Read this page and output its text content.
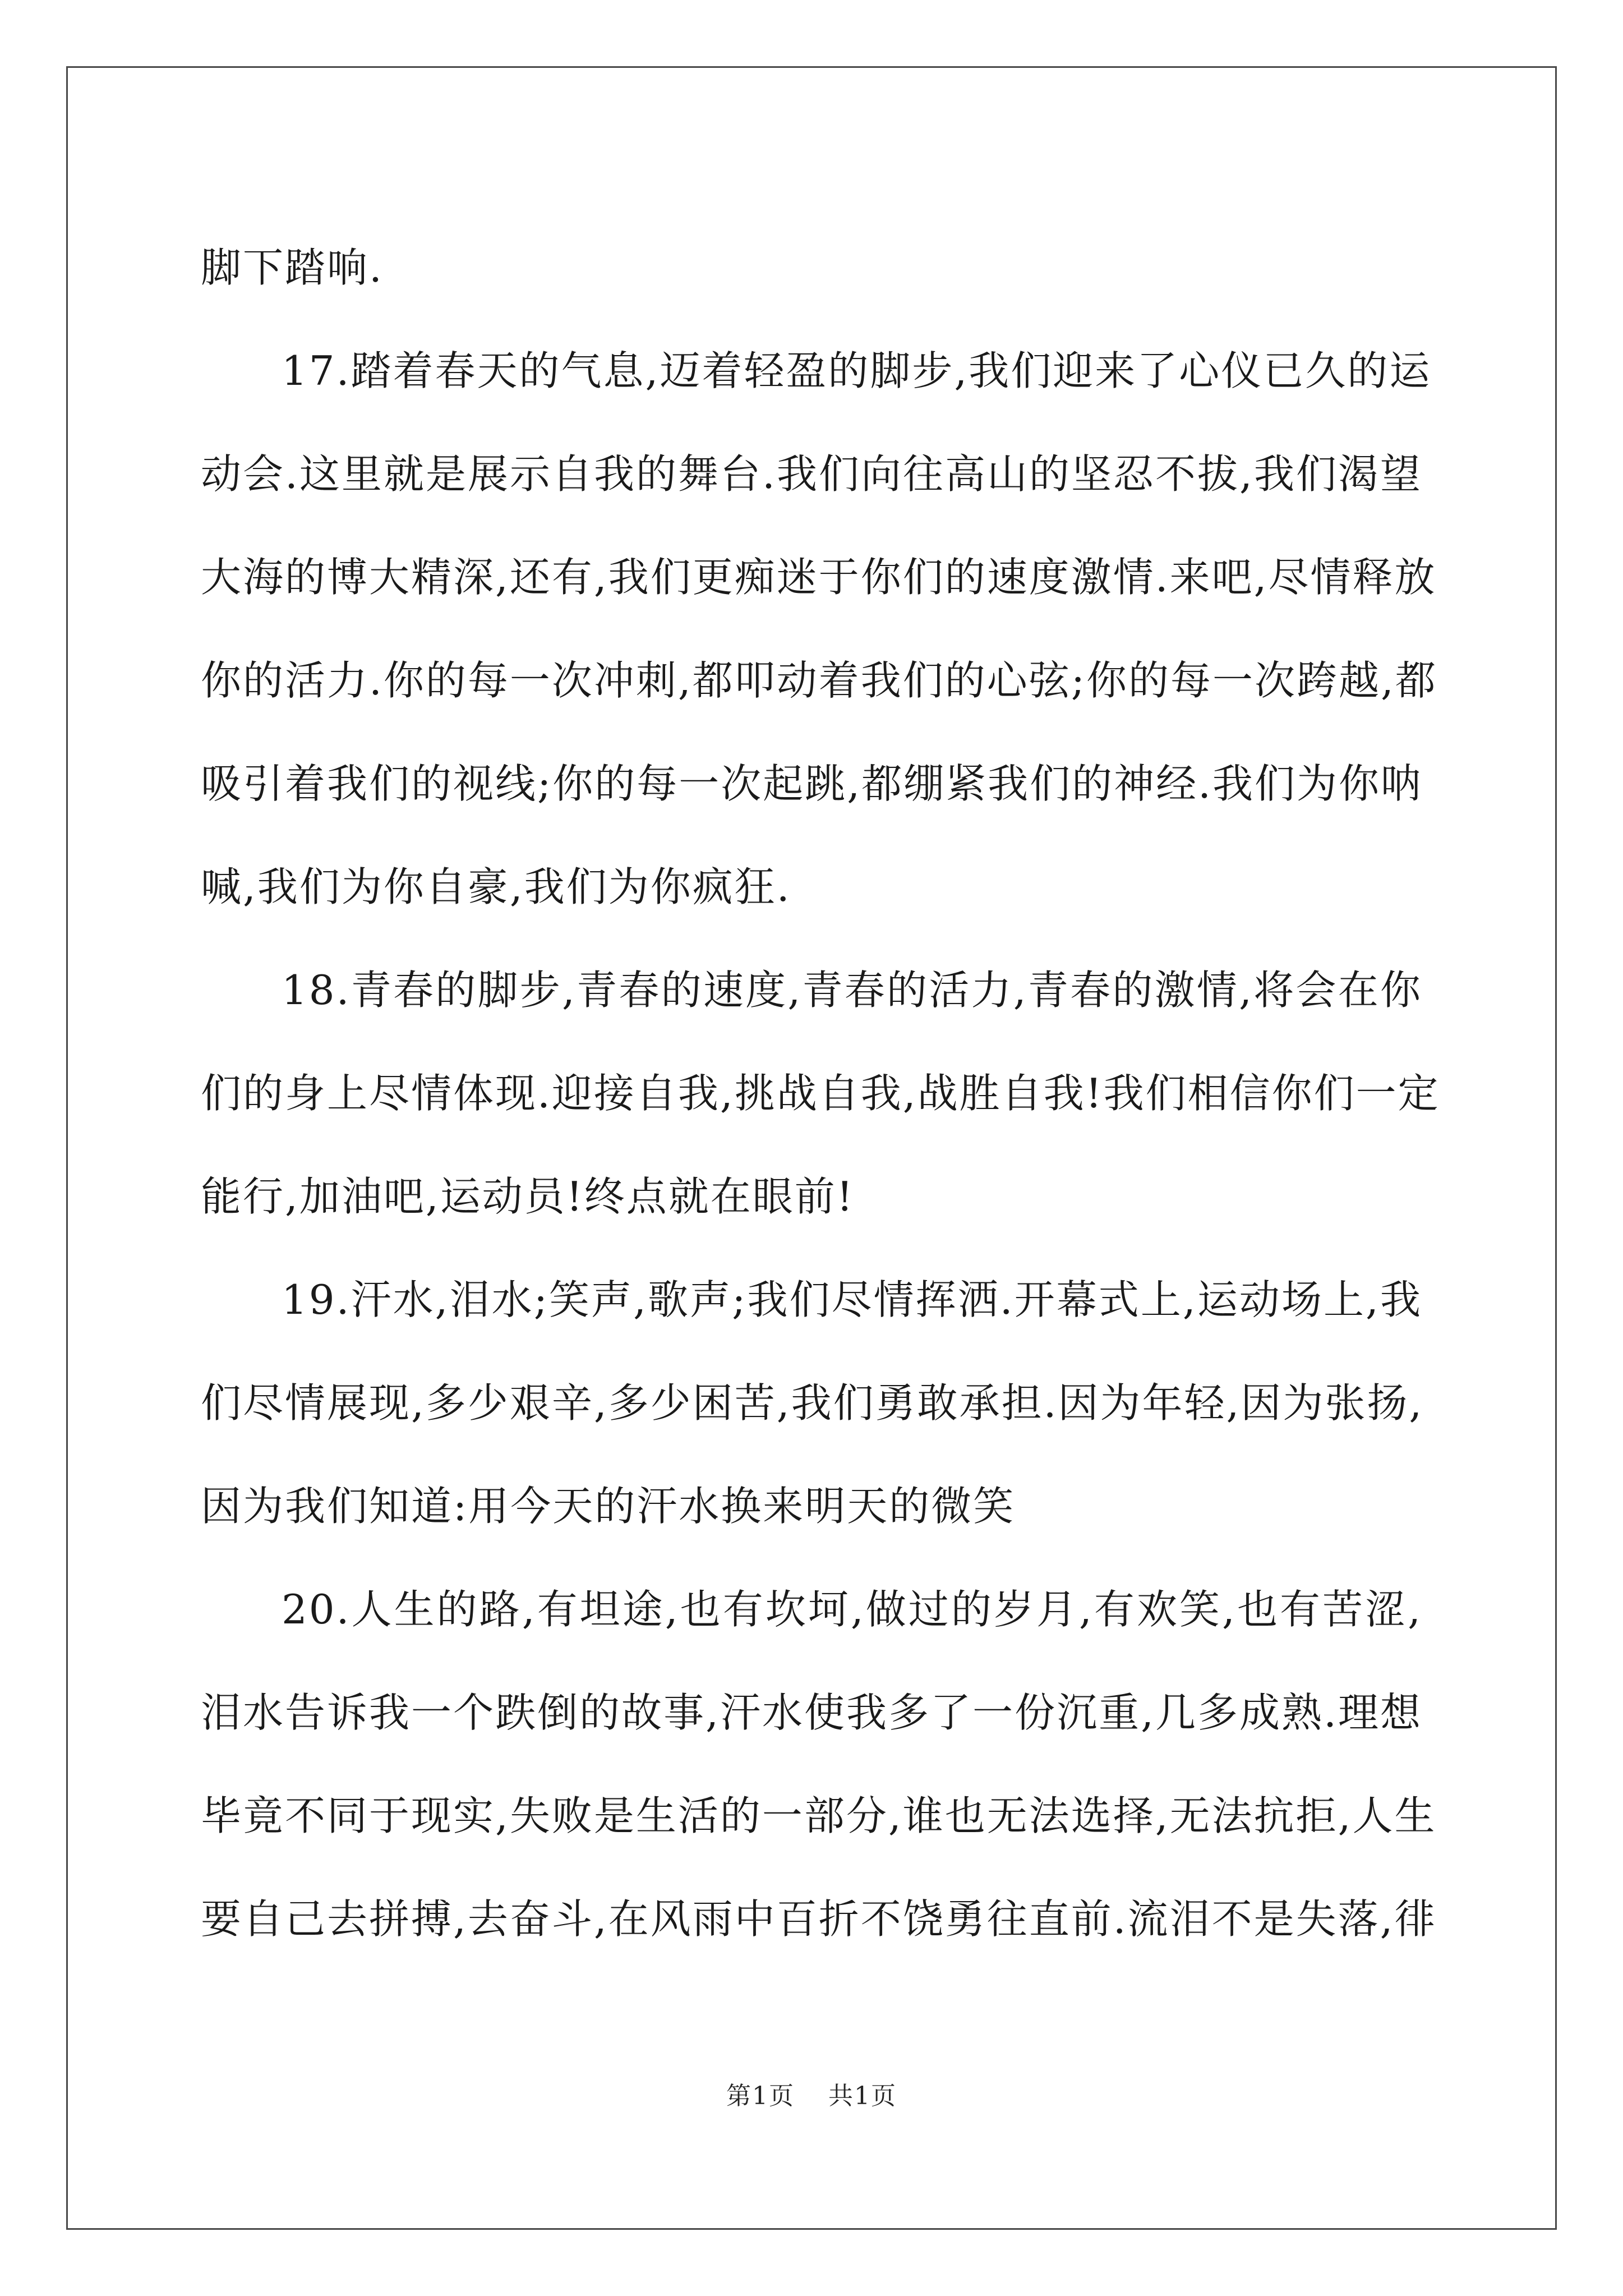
脚下踏响.
17.踏着春天的气息,迈着轻盈的脚步,我们迎来了心仪已久的运
动会.这里就是展示自我的舞台.我们向往高山的坚忍不拔,我们渴望
大海的博大精深,还有,我们更痴迷于你们的速度激情.来吧,尽情释放
你的活力.你的每一次冲刺,都叩动着我们的心弦;你的每一次跨越,都
吸引着我们的视线;你的每一次起跳,都绷紧我们的神经.我们为你呐
喊,我们为你自豪,我们为你疯狂.
18.青春的脚步,青春的速度,青春的活力,青春的激情,将会在你
们的身上尽情体现.迎接自我,挑战自我,战胜自我!我们相信你们一定
能行,加油吧,运动员!终点就在眼前!
19.汗水,泪水;笑声,歌声;我们尽情挥洒.开幕式上,运动场上,我
们尽情展现,多少艰辛,多少困苦,我们勇敢承担.因为年轻,因为张扬,
因为我们知道:用今天的汗水换来明天的微笑
20.人生的路,有坦途,也有坎坷,做过的岁月,有欢笑,也有苦涩,
泪水告诉我一个跌倒的故事,汗水使我多了一份沉重,几多成熟.理想
毕竟不同于现实,失败是生活的一部分,谁也无法选择,无法抗拒,人生
要自己去拼搏,去奋斗,在风雨中百折不饶勇往直前.流泪不是失落,徘
第1页 共1页
